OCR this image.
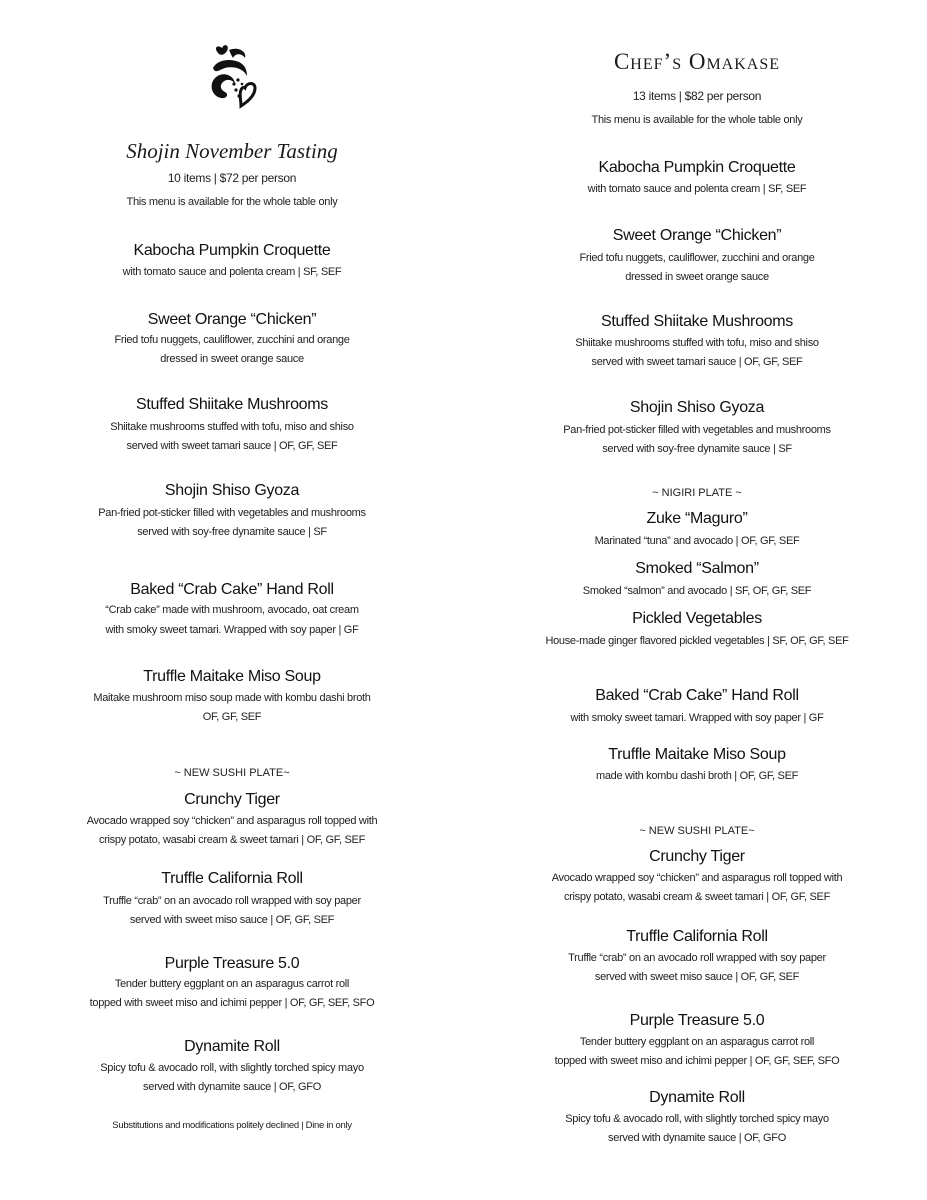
Shojin November Tasting
10 items | $72 per person
This menu is available for the whole table only
Kabocha Pumpkin Croquette
with tomato sauce and polenta cream | SF, SEF
Sweet Orange “Chicken”
Fried tofu nuggets, cauliflower, zucchini and orange
dressed in sweet orange sauce
Stuffed Shiitake Mushrooms
Shiitake mushrooms stuffed with tofu, miso and shiso
served with sweet tamari sauce | OF, GF, SEF
Shojin Shiso Gyoza
Pan-fried pot-sticker filled with vegetables and mushrooms
served with soy-free dynamite sauce | SF
Baked “Crab Cake” Hand Roll
“Crab cake” made with mushroom, avocado, oat cream
with smoky sweet tamari. Wrapped with soy paper | GF
Truffle Maitake Miso Soup
Maitake mushroom miso soup made with kombu dashi broth
OF, GF, SEF
~ NEW SUSHI PLATE~
Crunchy Tiger
Avocado wrapped soy “chicken” and asparagus roll topped with
crispy potato, wasabi cream & sweet tamari | OF, GF, SEF
Truffle California Roll
Truffle “crab” on an avocado roll wrapped with soy paper
served with sweet miso sauce | OF, GF, SEF
Purple Treasure 5.0
Tender buttery eggplant on an asparagus carrot roll
topped with sweet miso and ichimi pepper | OF, GF, SEF, SFO
Dynamite Roll
Spicy tofu & avocado roll, with slightly torched spicy mayo
served with dynamite sauce | OF, GFO
Substitutions and modifications politely declined | Dine in only
Chef’s Omakase
13 items | $82 per person
This menu is available for the whole table only
Kabocha Pumpkin Croquette
with tomato sauce and polenta cream | SF, SEF
Sweet Orange “Chicken”
Fried tofu nuggets, cauliflower, zucchini and orange
dressed in sweet orange sauce
Stuffed Shiitake Mushrooms
Shiitake mushrooms stuffed with tofu, miso and shiso
served with sweet tamari sauce | OF, GF, SEF
Shojin Shiso Gyoza
Pan-fried pot-sticker filled with vegetables and mushrooms
served with soy-free dynamite sauce | SF
~ NIGIRI PLATE ~
Zuke “Maguro”
Marinated “tuna” and avocado | OF, GF, SEF
Smoked “Salmon”
Smoked “salmon” and avocado | SF, OF, GF, SEF
Pickled Vegetables
House-made ginger flavored pickled vegetables | SF, OF, GF, SEF
Baked “Crab Cake” Hand Roll
with smoky sweet tamari. Wrapped with soy paper | GF
Truffle Maitake Miso Soup
made with kombu dashi broth | OF, GF, SEF
~ NEW SUSHI PLATE~
Crunchy Tiger
Avocado wrapped soy “chicken” and asparagus roll topped with
crispy potato, wasabi cream & sweet tamari | OF, GF, SEF
Truffle California Roll
Truffle “crab” on an avocado roll wrapped with soy paper
served with sweet miso sauce | OF, GF, SEF
Purple Treasure 5.0
Tender buttery eggplant on an asparagus carrot roll
topped with sweet miso and ichimi pepper | OF, GF, SEF, SFO
Dynamite Roll
Spicy tofu & avocado roll, with slightly torched spicy mayo
served with dynamite sauce | OF, GFO
